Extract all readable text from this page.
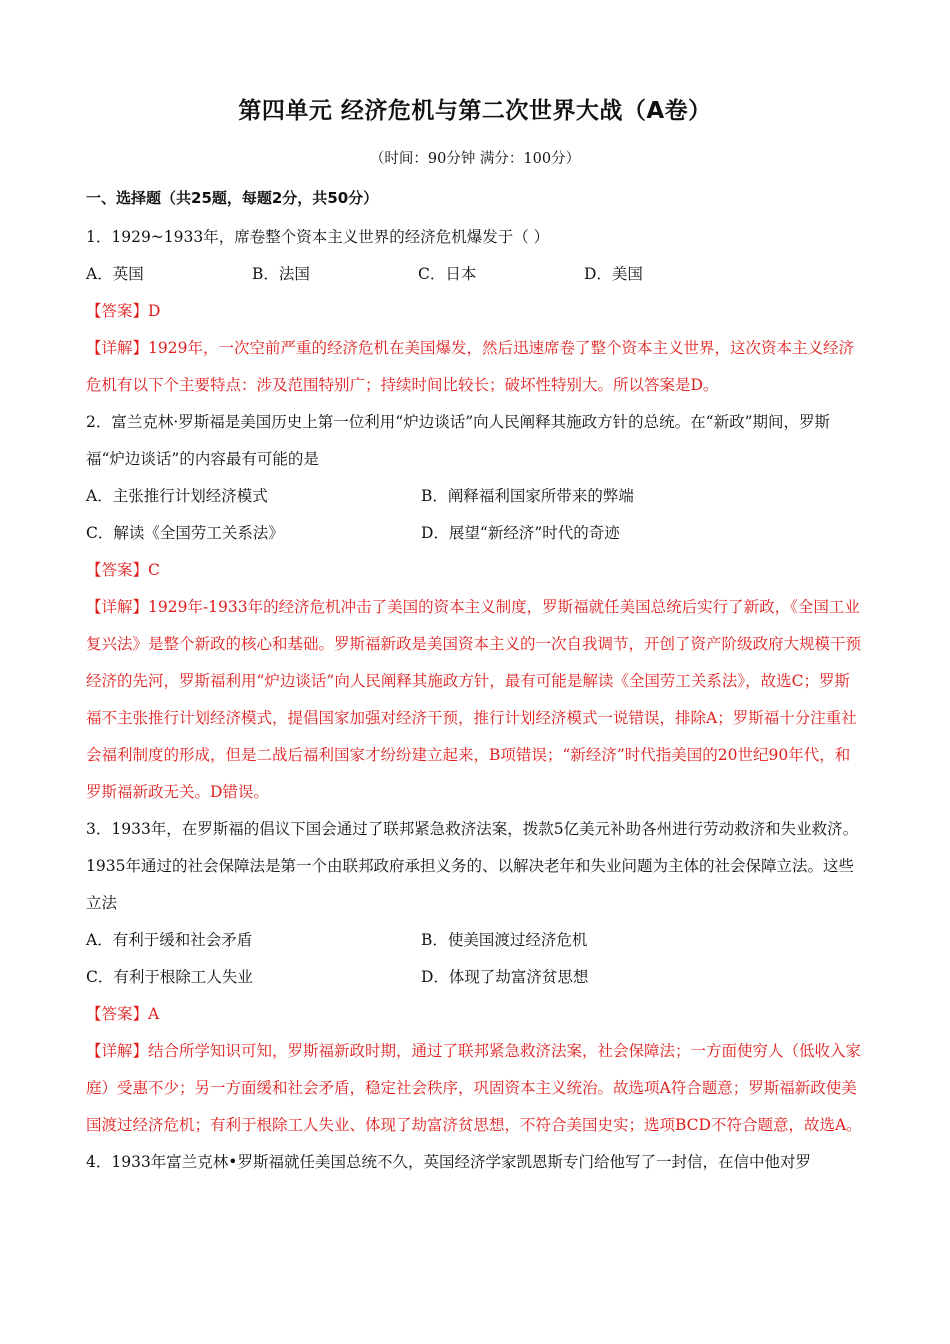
第四单元 经济危机与第二次世界大战（A卷）
（时间：90分钟 满分：100分）
一、选择题（共25题，每题2分，共50分）

1．1929~1933年，席卷整个资本主义世界的经济危机爆发于（ ）

A．英国	B．法国	C．日本	D．美国

【答案】D

【详解】1929年，一次空前严重的经济危机在美国爆发，然后迅速席卷了整个资本主义世界，这次资本主义经济危机有以下个主要特点：涉及范围特别广；持续时间比较长；破坏性特别大。所以答案是D。

2．富兰克林·罗斯福是美国历史上第一位利用“炉边谈话”向人民阐释其施政方针的总统。在“新政”期间，罗斯福“炉边谈话”的内容最有可能的是

A．主张推行计划经济模式	B．阐释福利国家所带来的弊端
C．解读《全国劳工关系法》	D．展望“新经济”时代的奇迹

【答案】C

【详解】1929年-1933年的经济危机冲击了美国的资本主义制度，罗斯福就任美国总统后实行了新政，《全国工业复兴法》是整个新政的核心和基础。罗斯福新政是美国资本主义的一次自我调节，开创了资产阶级政府大规模干预经济的先河，罗斯福利用“炉边谈话”向人民阐释其施政方针，最有可能是解读《全国劳工关系法》，故选C；罗斯福不主张推行计划经济模式，提倡国家加强对经济干预，推行计划经济模式一说错误，排除A；罗斯福十分注重社会福利制度的形成，但是二战后福利国家才纷纷建立起来，B项错误；“新经济”时代指美国的20世纪90年代，和罗斯福新政无关。D错误。

3．1933年，在罗斯福的倡议下国会通过了联邦紧急救济法案，拨款5亿美元补助各州进行劳动救济和失业救济。1935年通过的社会保障法是第一个由联邦政府承担义务的、以解决老年和失业问题为主体的社会保障立法。这些立法

A．有利于缓和社会矛盾	B．使美国渡过经济危机
C．有利于根除工人失业	D．体现了劫富济贫思想

【答案】A

【详解】结合所学知识可知，罗斯福新政时期，通过了联邦紧急救济法案，社会保障法；一方面使穷人（低收入家庭）受惠不少；另一方面缓和社会矛盾，稳定社会秩序，巩固资本主义统治。故选项A符合题意；罗斯福新政使美国渡过经济危机；有利于根除工人失业、体现了劫富济贫思想，不符合美国史实；选项BCD不符合题意，故选A。

4．1933年富兰克林•罗斯福就任美国总统不久，英国经济学家凯恩斯专门给他写了一封信，在信中他对罗
